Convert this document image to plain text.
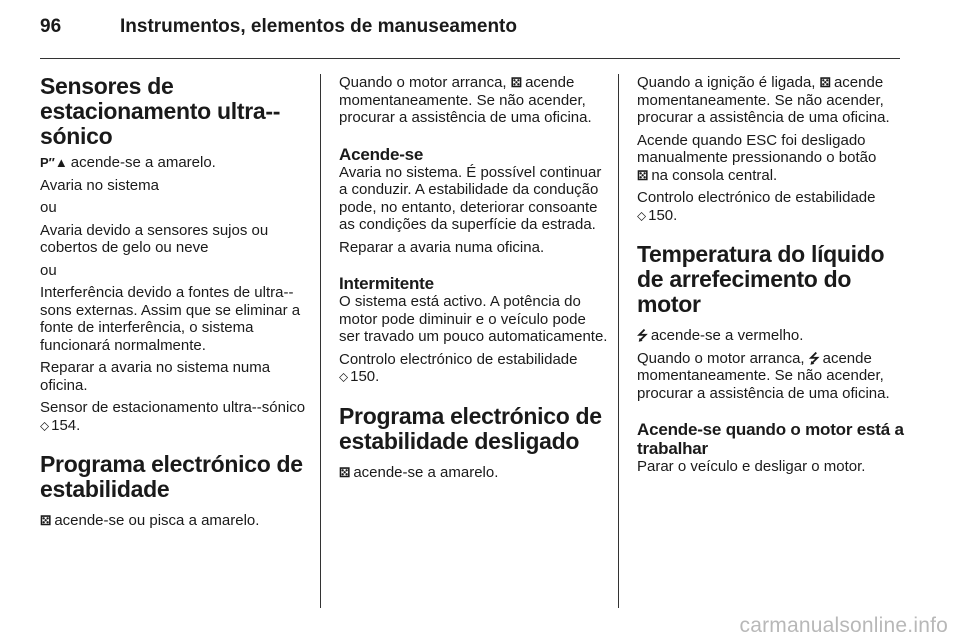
96	Instrumentos, elementos de manuseamento
Sensores de estacionamento ultra--sónico

P″▲ acende-se a amarelo.

Avaria no sistema

ou

Avaria devido a sensores sujos ou cobertos de gelo ou neve

ou

Interferência devido a fontes de ultra--sons externas. Assim que se eliminar a fonte de interferência, o sistema funcionará normalmente.

Reparar a avaria no sistema numa oficina.

Sensor de estacionamento ultra--sónico ⬦ 154.

Programa electrónico de estabilidade

⚄ acende-se ou pisca a amarelo.

Quando o motor arranca, ⚄ acende momentaneamente. Se não acender, procurar a assistência de uma oficina.

Acende-se

Avaria no sistema. É possível continuar a conduzir. A estabilidade da condução pode, no entanto, deteriorar consoante as condições da superfície da estrada.

Reparar a avaria numa oficina.

Intermitente

O sistema está activo. A potência do motor pode diminuir e o veículo pode ser travado um pouco automaticamente.

Controlo electrónico de estabilidade ⬦ 150.

Programa electrónico de estabilidade desligado

⚄ acende-se a amarelo.

Quando a ignição é ligada, ⚄ acende momentaneamente. Se não acender, procurar a assistência de uma oficina.

Acende quando ESC foi desligado manualmente pressionando o botão ⚄ na consola central.

Controlo electrónico de estabilidade ⬦ 150.

Temperatura do líquido de arrefecimento do motor

⭍ acende-se a vermelho.

Quando o motor arranca, ⭍ acende momentaneamente. Se não acender, procurar a assistência de uma oficina.

Acende-se quando o motor está a trabalhar

Parar o veículo e desligar o motor.

carmanualsonline.info
